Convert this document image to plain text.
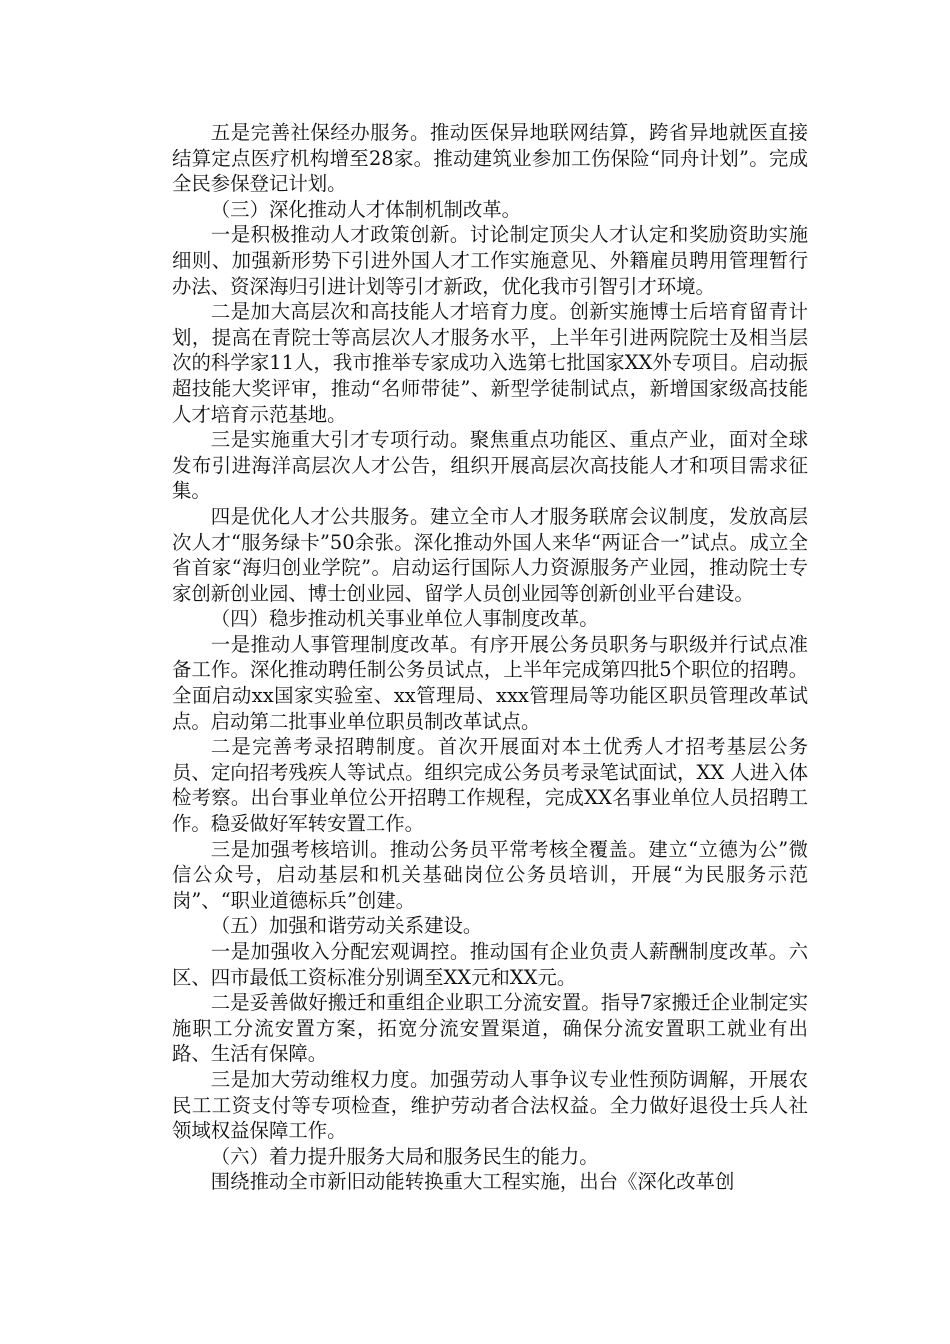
五是完善社保经办服务。推动医保异地联网结算，跨省异地就医直接结算定点医疗机构增至28家。推动建筑业参加工伤保险“同舟计划”。完成全民参保登记计划。

（三）深化推动人才体制机制改革。

一是积极推动人才政策创新。讨论制定顶尖人才认定和奖励资助实施细则、加强新形势下引进外国人才工作实施意见、外籍雇员聘用管理暂行办法、资深海归引进计划等引才新政，优化我市引智引才环境。

二是加大高层次和高技能人才培育力度。创新实施博士后培育留青计划，提高在青院士等高层次人才服务水平，上半年引进两院院士及相当层次的科学家11人，我市推举专家成功入选第七批国家XX外专项目。启动振超技能大奖评审，推动“名师带徒”、新型学徒制试点，新增国家级高技能人才培育示范基地。

三是实施重大引才专项行动。聚焦重点功能区、重点产业，面对全球发布引进海洋高层次人才公告，组织开展高层次高技能人才和项目需求征集。

四是优化人才公共服务。建立全市人才服务联席会议制度，发放高层次人才“服务绿卡”50余张。深化推动外国人来华“两证合一”试点。成立全省首家“海归创业学院”。启动运行国际人力资源服务产业园，推动院士专家创新创业园、博士创业园、留学人员创业园等创新创业平台建设。

（四）稳步推动机关事业单位人事制度改革。

一是推动人事管理制度改革。有序开展公务员职务与职级并行试点准备工作。深化推动聘任制公务员试点，上半年完成第四批5个职位的招聘。全面启动xx国家实验室、xx管理局、xxx管理局等功能区职员管理改革试点。启动第二批事业单位职员制改革试点。

二是完善考录招聘制度。首次开展面对本土优秀人才招考基层公务员、定向招考残疾人等试点。组织完成公务员考录笔试面试，XX 人进入体检考察。出台事业单位公开招聘工作规程，完成XX名事业单位人员招聘工作。稳妥做好军转安置工作。

三是加强考核培训。推动公务员平常考核全覆盖。建立“立德为公”微信公众号，启动基层和机关基础岗位公务员培训，开展“为民服务示范岗”、“职业道德标兵”创建。

（五）加强和谐劳动关系建设。

一是加强收入分配宏观调控。推动国有企业负责人薪酬制度改革。六区、四市最低工资标准分别调至XX元和XX元。

二是妥善做好搬迁和重组企业职工分流安置。指导7家搬迁企业制定实施职工分流安置方案，拓宽分流安置渠道，确保分流安置职工就业有出路、生活有保障。

三是加大劳动维权力度。加强劳动人事争议专业性预防调解，开展农民工工资支付等专项检查，维护劳动者合法权益。全力做好退役士兵人社领域权益保障工作。

（六）着力提升服务大局和服务民生的能力。

围绕推动全市新旧动能转换重大工程实施，出台《深化改革创
